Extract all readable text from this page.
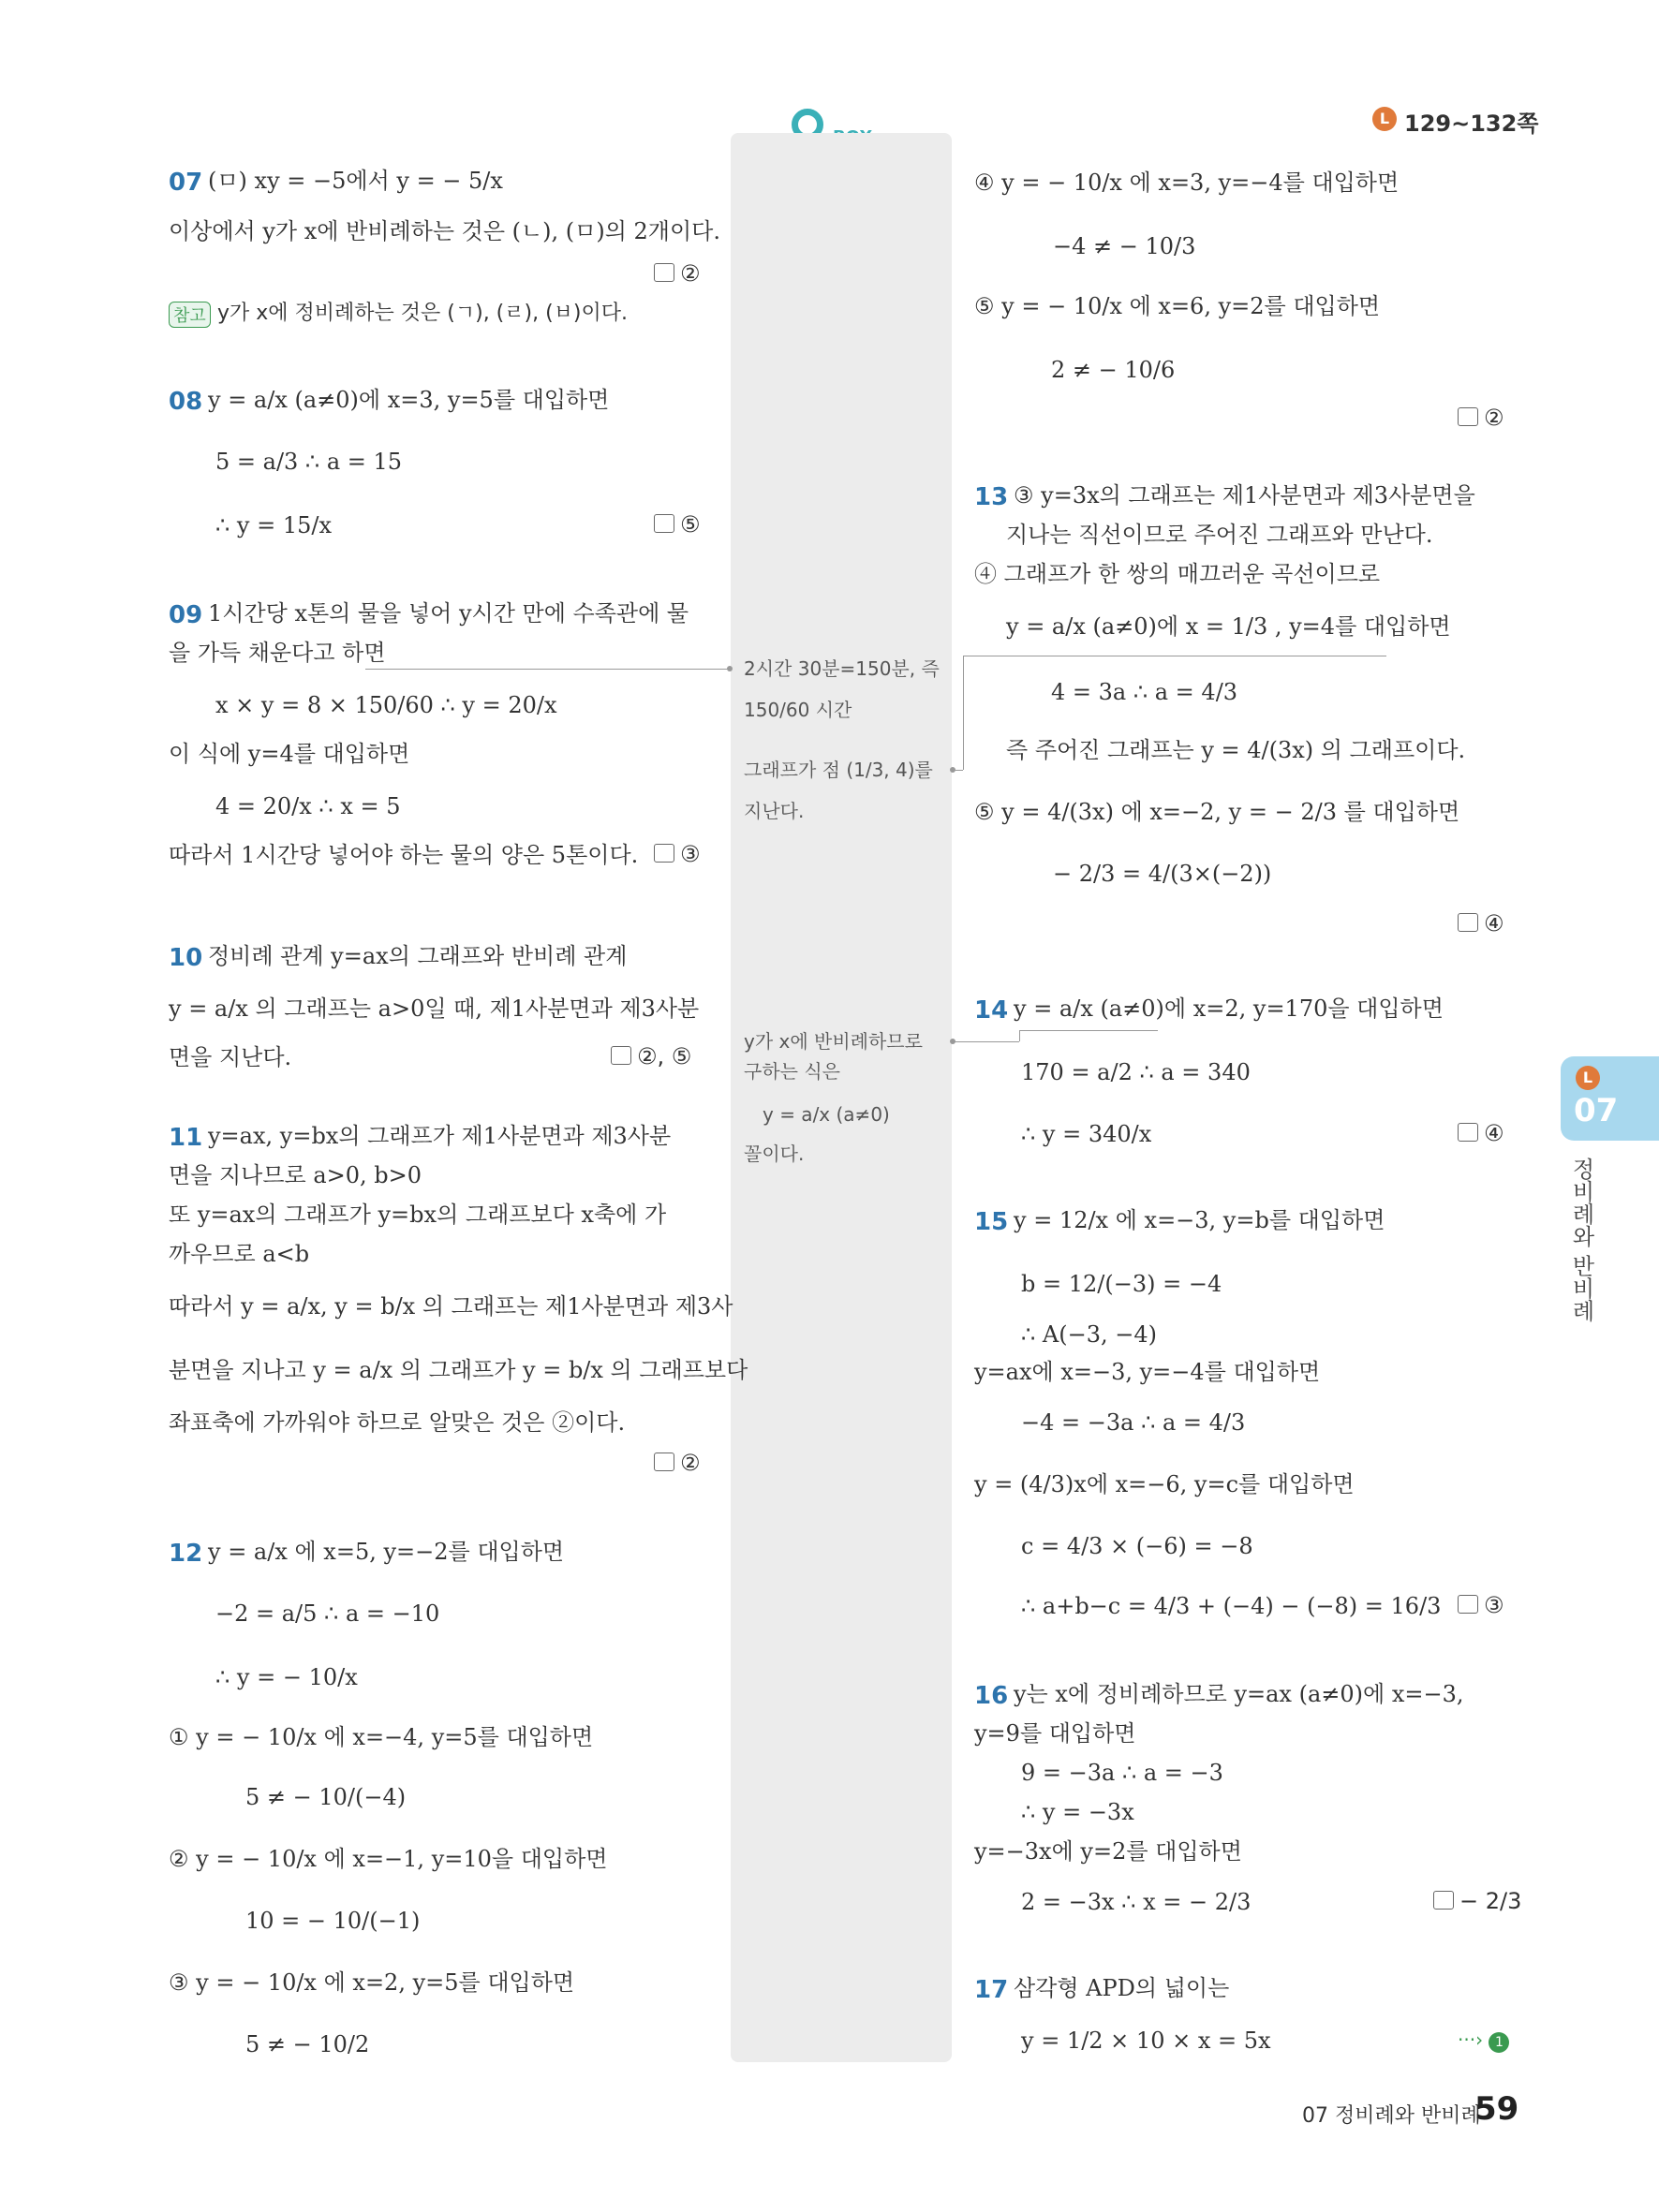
L 129~132쪽
07 (ㅁ) xy = −5에서 y = − 5/x
이상에서 y가 x에 반비례하는 것은 (ㄴ), (ㅁ)의 2개이다.
②
참고 y가 x에 정비례하는 것은 (ㄱ), (ㄹ), (ㅂ)이다.
08 y = a/x (a≠0)에 x=3, y=5를 대입하면
5 = a/3 ∴ a = 15
∴ y = 15/x	⑤
09 1시간당 x톤의 물을 넣어 y시간 만에 수족관에 물
을 가득 채운다고 하면
x × y = 8 × 150/60 ∴ y = 20/x
이 식에 y=4를 대입하면
4 = 20/x ∴ x = 5
따라서 1시간당 넣어야 하는 물의 양은 5톤이다.	③
10 정비례 관계 y=ax의 그래프와 반비례 관계
y = a/x 의 그래프는 a>0일 때, 제1사분면과 제3사분
면을 지난다.	②, ⑤
11 y=ax, y=bx의 그래프가 제1사분면과 제3사분
면을 지나므로 a>0, b>0
또 y=ax의 그래프가 y=bx의 그래프보다 x축에 가
까우므로 a<b
따라서 y = a/x, y = b/x 의 그래프는 제1사분면과 제3사
분면을 지나고 y = a/x 의 그래프가 y = b/x 의 그래프보다
좌표축에 가까워야 하므로 알맞은 것은 ②이다.
②
12 y = a/x 에 x=5, y=−2를 대입하면
−2 = a/5 ∴ a = −10
∴ y = − 10/x
① y = − 10/x 에 x=−4, y=5를 대입하면
5 ≠ − 10/(−4)
② y = − 10/x 에 x=−1, y=10을 대입하면
10 = − 10/(−1)
③ y = − 10/x 에 x=2, y=5를 대입하면
5 ≠ − 10/2
2시간 30분=150분, 즉
150/60 시간
그래프가 점 (1/3, 4)를
지난다.
y가 x에 반비례하므로
구하는 식은
y = a/x (a≠0)
꼴이다.
④ y = − 10/x 에 x=3, y=−4를 대입하면
−4 ≠ − 10/3
⑤ y = − 10/x 에 x=6, y=2를 대입하면
2 ≠ − 10/6
②
13 ③ y=3x의 그래프는 제1사분면과 제3사분면을
지나는 직선이므로 주어진 그래프와 만난다.
④ 그래프가 한 쌍의 매끄러운 곡선이므로
y = a/x (a≠0)에 x = 1/3 , y=4를 대입하면
4 = 3a ∴ a = 4/3
즉 주어진 그래프는 y = 4/(3x) 의 그래프이다.
⑤ y = 4/(3x) 에 x=−2, y = − 2/3 를 대입하면
− 2/3 = 4/(3×(−2))
④
14 y = a/x (a≠0)에 x=2, y=170을 대입하면
170 = a/2 ∴ a = 340
∴ y = 340/x	④
15 y = 12/x 에 x=−3, y=b를 대입하면
b = 12/(−3) = −4
∴ A(−3, −4)
y=ax에 x=−3, y=−4를 대입하면
−4 = −3a ∴ a = 4/3
y = (4/3)x에 x=−6, y=c를 대입하면
c = 4/3 × (−6) = −8
∴ a+b−c = 4/3 + (−4) − (−8) = 16/3	③
16 y는 x에 정비례하므로 y=ax (a≠0)에 x=−3,
y=9를 대입하면
9 = −3a ∴ a = −3
∴ y = −3x
y=−3x에 y=2를 대입하면
2 = −3x ∴ x = − 2/3	− 2/3
17 삼각형 APD의 넓이는
y = 1/2 × 10 × x = 5x	···› 1
L
07
정비례와 반비례
07 정비례와 반비례
59
